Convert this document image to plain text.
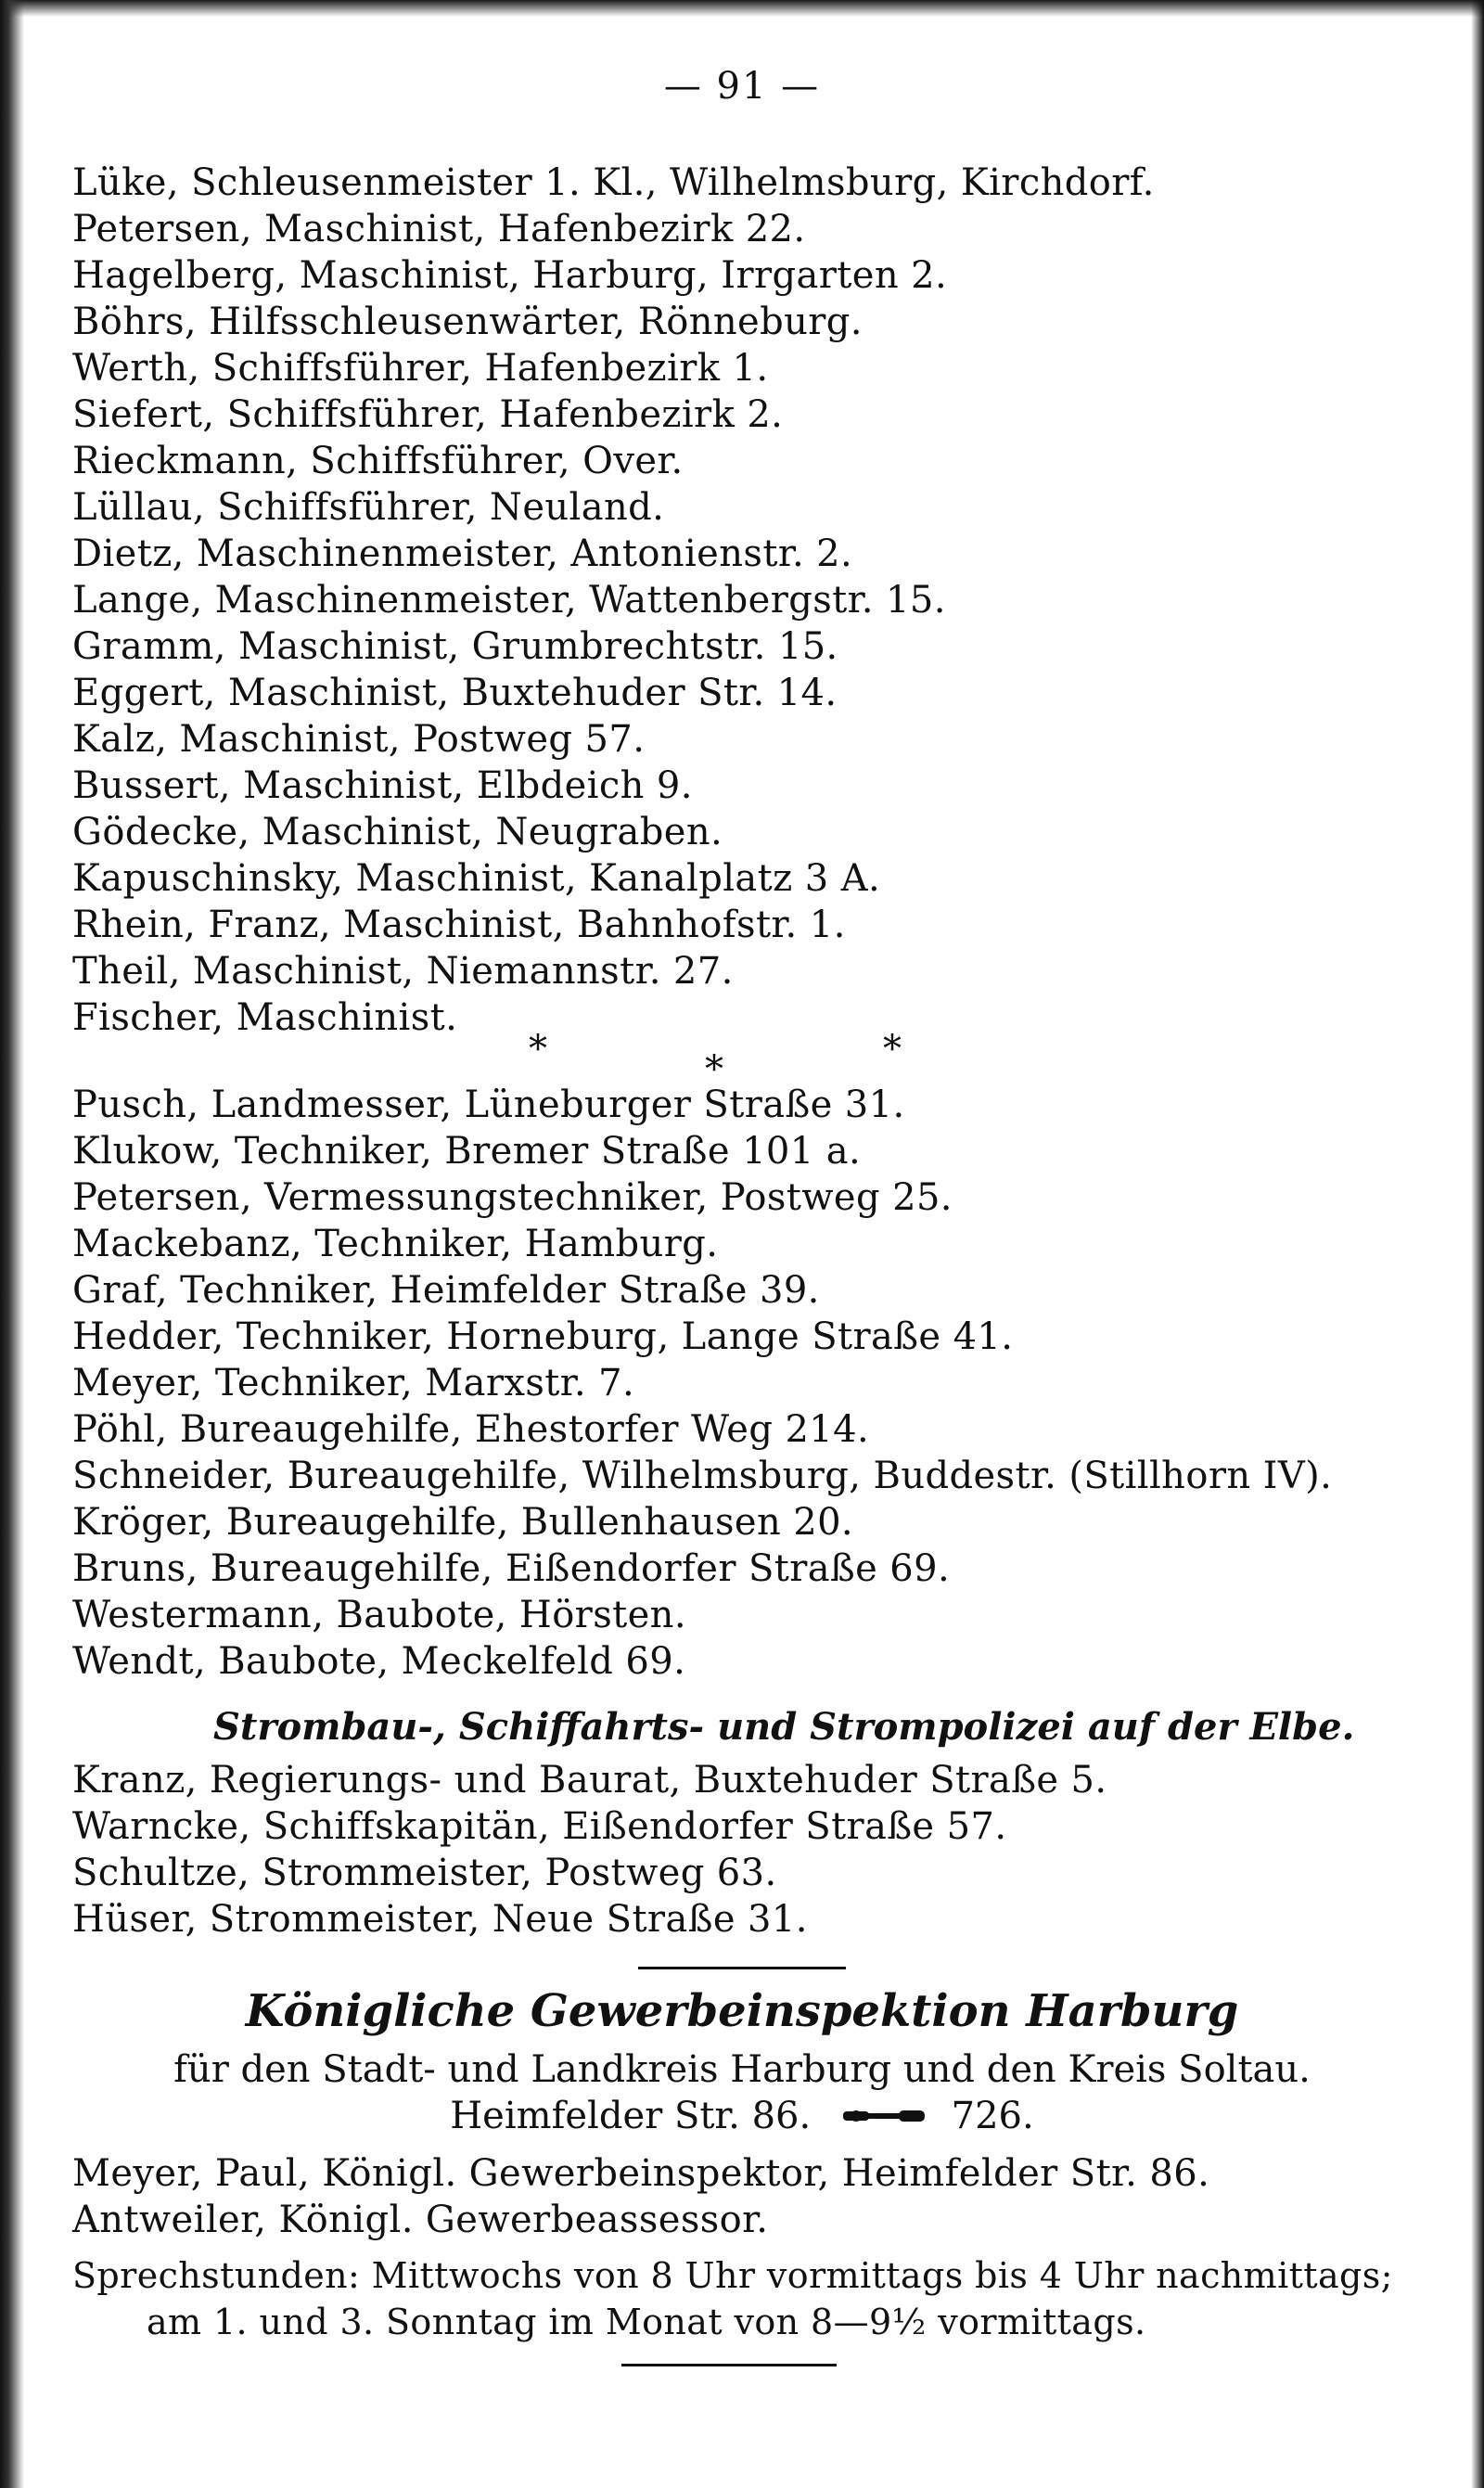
— 91 —
Lüke, Schleusenmeister 1. Kl., Wilhelmsburg, Kirchdorf.
Petersen, Maschinist, Hafenbezirk 22.
Hagelberg, Maschinist, Harburg, Irrgarten 2.
Böhrs, Hilfsschleusenwärter, Rönneburg.
Werth, Schiffsführer, Hafenbezirk 1.
Siefert, Schiffsführer, Hafenbezirk 2.
Rieckmann, Schiffsführer, Over.
Lüllau, Schiffsführer, Neuland.
Dietz, Maschinenmeister, Antonienstr. 2.
Lange, Maschinenmeister, Wattenbergstr. 15.
Gramm, Maschinist, Grumbrechtstr. 15.
Eggert, Maschinist, Buxtehuder Str. 14.
Kalz, Maschinist, Postweg 57.
Bussert, Maschinist, Elbdeich 9.
Gödecke, Maschinist, Neugraben.
Kapuschinsky, Maschinist, Kanalplatz 3 A.
Rhein, Franz, Maschinist, Bahnhofstr. 1.
Theil, Maschinist, Niemannstr. 27.
Fischer, Maschinist.
*	*	*
Pusch, Landmesser, Lüneburger Straße 31.
Klukow, Techniker, Bremer Straße 101 a.
Petersen, Vermessungstechniker, Postweg 25.
Mackebanz, Techniker, Hamburg.
Graf, Techniker, Heimfelder Straße 39.
Hedder, Techniker, Horneburg, Lange Straße 41.
Meyer, Techniker, Marxstr. 7.
Pöhl, Bureaugehilfe, Ehestorfer Weg 214.
Schneider, Bureaugehilfe, Wilhelmsburg, Buddestr. (Stillhorn IV).
Kröger, Bureaugehilfe, Bullenhausen 20.
Bruns, Bureaugehilfe, Eißendorfer Straße 69.
Westermann, Baubote, Hörsten.
Wendt, Baubote, Meckelfeld 69.
Strombau-, Schiffahrts- und Strompolizei auf der Elbe.
Kranz, Regierungs- und Baurat, Buxtehuder Straße 5.
Warncke, Schiffskapitän, Eißendorfer Straße 57.
Schultze, Strommeister, Postweg 63.
Hüser, Strommeister, Neue Straße 31.
Königliche Gewerbeinspektion Harburg
für den Stadt- und Landkreis Harburg und den Kreis Soltau.
Heimfelder Str. 86.	726.
Meyer, Paul, Königl. Gewerbeinspektor, Heimfelder Str. 86.
Antweiler, Königl. Gewerbeassessor.
Sprechstunden: Mittwochs von 8 Uhr vormittags bis 4 Uhr nachmittags;
am 1. und 3. Sonntag im Monat von 8—9½ vormittags.
